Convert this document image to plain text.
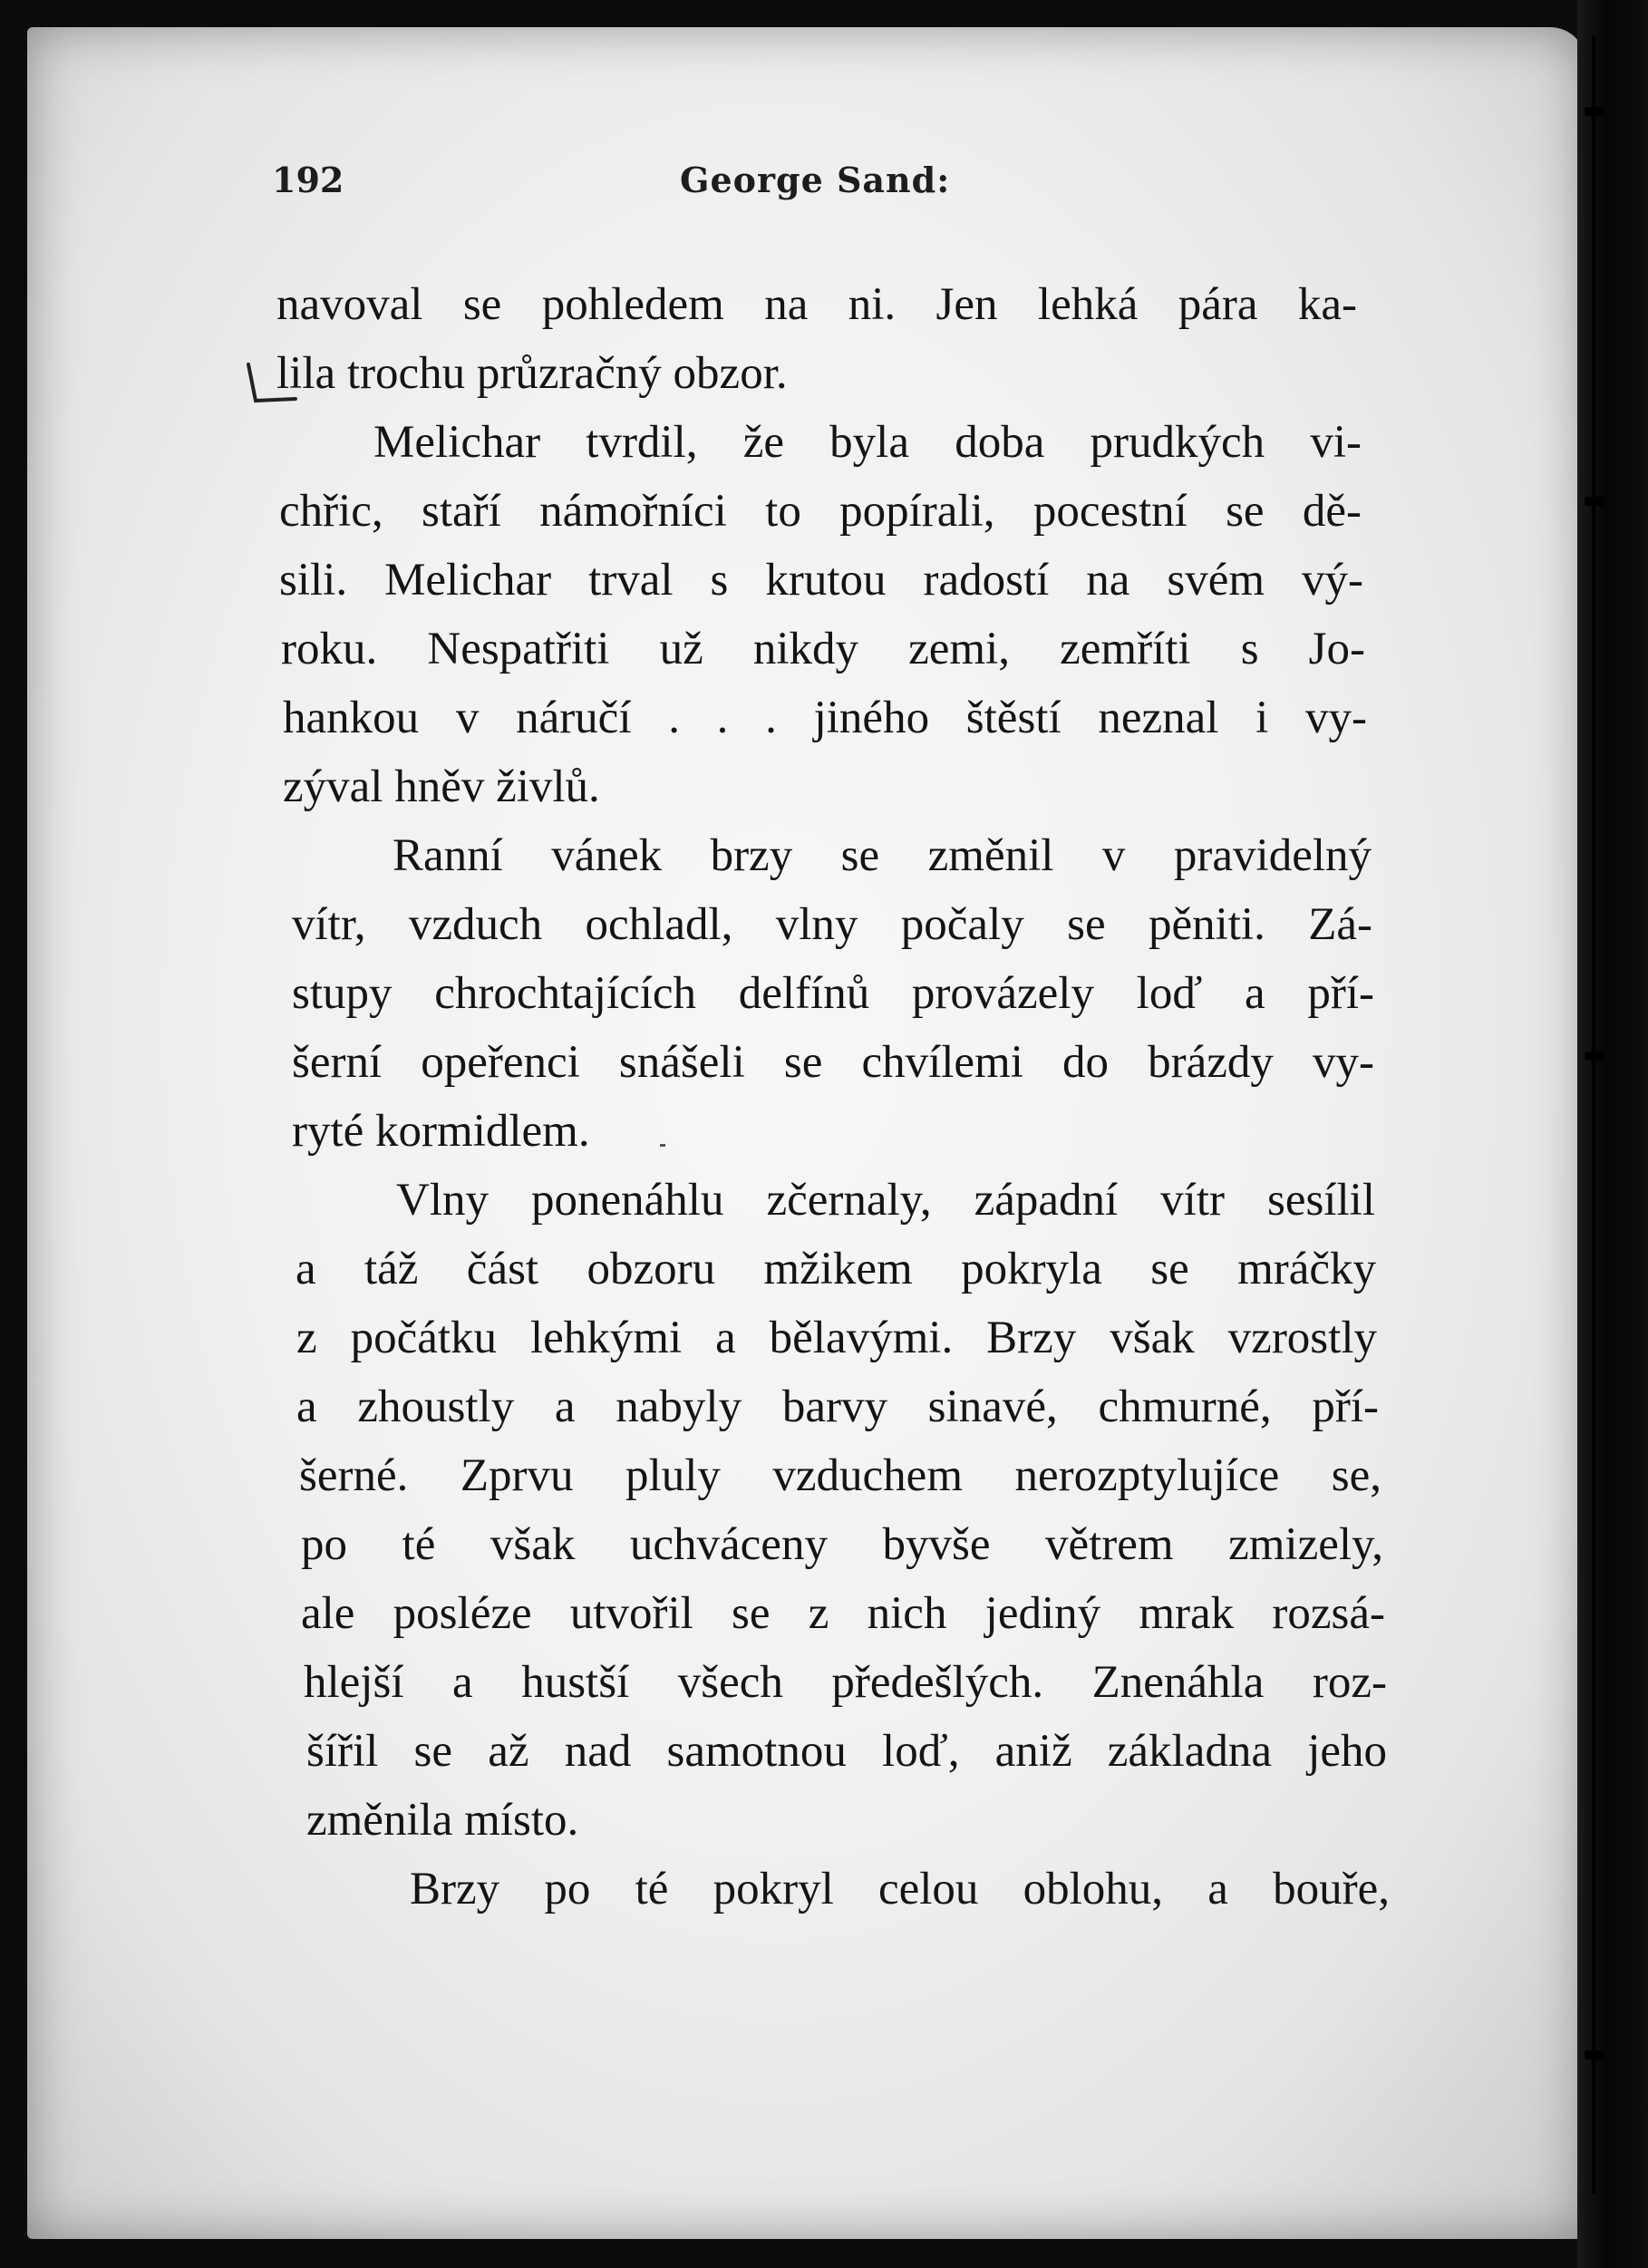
192	George Sand:
navoval se pohledem na ni. Jen lehká pára ka-
lila trochu průzračný obzor.
Melichar tvrdil, že byla doba prudkých vi-
chřic, staří námořníci to popírali, pocestní se dě-
sili. Melichar trval s krutou radostí na svém vý-
roku. Nespatřiti už nikdy zemi, zemříti s Jo-
hankou v náručí . . . jiného štěstí neznal i vy-
zýval hněv živlů.
Ranní vánek brzy se změnil v pravidelný
vítr, vzduch ochladl, vlny počaly se pěniti. Zá-
stupy chrochtajících delfínů provázely loď a pří-
šerní opeřenci snášeli se chvílemi do brázdy vy-
ryté kormidlem.
Vlny ponenáhlu zčernaly, západní vítr sesílil
a táž část obzoru mžikem pokryla se mráčky
z počátku lehkými a bělavými. Brzy však vzrostly
a zhoustly a nabyly barvy sinavé, chmurné, pří-
šerné. Zprvu pluly vzduchem nerozptylujíce se,
po té však uchváceny byvše větrem zmizely,
ale posléze utvořil se z nich jediný mrak rozsá-
hlejší a hustší všech předešlých. Znenáhla roz-
šířil se až nad samotnou loď, aniž základna jeho
změnila místo.
Brzy po té pokryl celou oblohu, a bouře,
